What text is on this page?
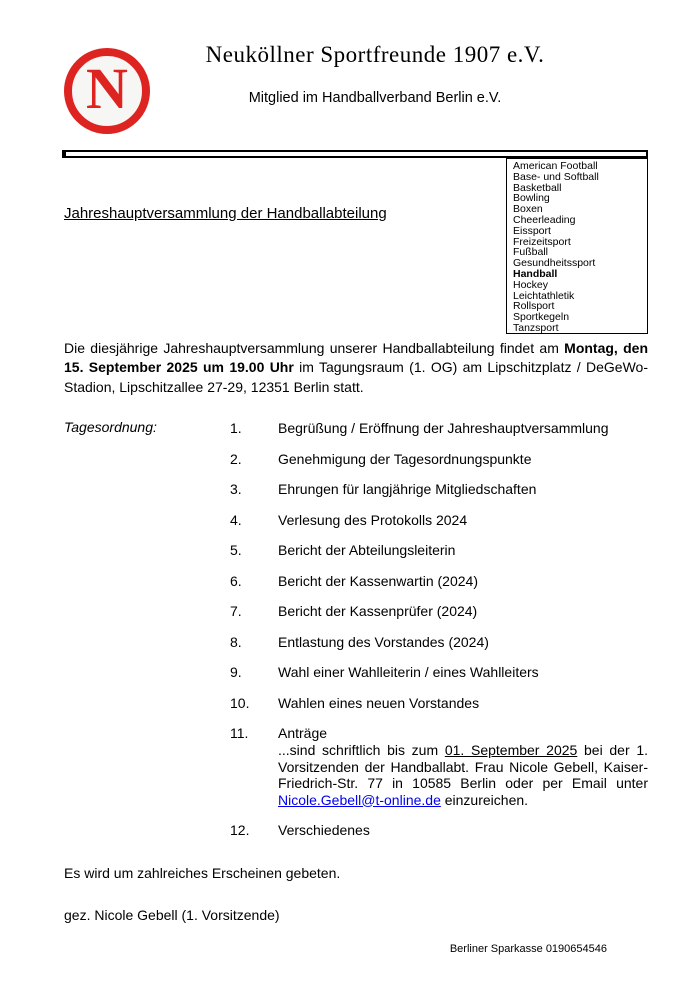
N
Neuköllner Sportfreunde 1907 e.V.
Mitglied im Handballverband Berlin e.V.
American Football
Base- und Softball
Basketball
Bowling
Boxen
Cheerleading
Eissport
Freizeitsport
Fußball
Gesundheitssport
Handball
Hockey
Leichtathletik
Rollsport
Sportkegeln
Tanzsport
Jahreshauptversammlung der Handballabteilung
Die diesjährige Jahreshauptversammlung unserer Handballabteilung findet am Montag, den 15. September 2025 um 19.00 Uhr im Tagungsraum (1. OG) am Lipschitzplatz / DeGeWo-Stadion, Lipschitzallee 27-29, 12351 Berlin statt.
Tagesordnung:	1.	Begrüßung / Eröffnung der Jahreshauptversammlung
2.	Genehmigung der Tagesordnungspunkte
3.	Ehrungen für langjährige Mitgliedschaften
4.	Verlesung des Protokolls 2024
5.	Bericht der Abteilungsleiterin
6.	Bericht der Kassenwartin (2024)
7.	Bericht der Kassenprüfer (2024)
8.	Entlastung des Vorstandes (2024)
9.	Wahl einer Wahlleiterin / eines Wahlleiters
10.	Wahlen eines neuen Vorstandes
11.	Anträge
...sind schriftlich bis zum 01. September 2025 bei der 1. Vorsitzenden der Handballabt. Frau Nicole Gebell, Kaiser-Friedrich-Str. 77 in 10585 Berlin oder per Email unter Nicole.Gebell@t-online.de einzureichen.
12.	Verschiedenes
Es wird um zahlreiches Erscheinen gebeten.
gez. Nicole Gebell (1. Vorsitzende)
Berliner Sparkasse 0190654546
